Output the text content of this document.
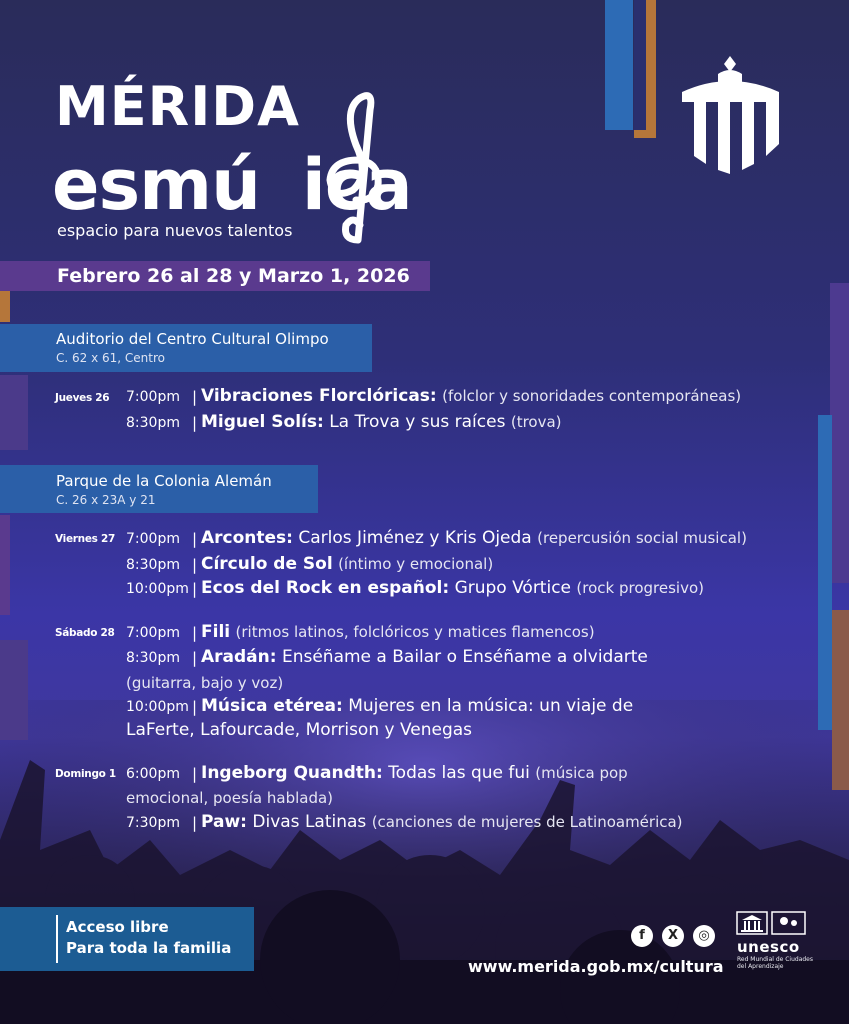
MÉRIDA
esmú ica
espacio para nuevos talentos
Febrero 26 al 28 y Marzo 1, 2026
Auditorio del Centro Cultural Olimpo
C. 62 x 61, Centro
Jueves 26 7:00pm | Vibraciones Florclóricas: (folclor y sonoridades contemporáneas)
8:30pm | Miguel Solís: La Trova y sus raíces (trova)
Parque de la Colonia Alemán
C. 26 x 23A y 21
Viernes 27 7:00pm | Arcontes: Carlos Jiménez y Kris Ojeda (repercusión social musical)
8:30pm | Círculo de Sol (íntimo y emocional)
10:00pm | Ecos del Rock en español: Grupo Vórtice (rock progresivo)
Sábado 28 7:00pm | Fili (ritmos latinos, folclóricos y matices flamencos)
8:30pm | Aradán: Enséñame a Bailar o Enséñame a olvidarte
(guitarra, bajo y voz)
10:00pm | Música etérea: Mujeres en la música: un viaje de
LaFerte, Lafourcade, Morrison y Venegas
Domingo 1 6:00pm | Ingeborg Quandth: Todas las que fui (música pop
emocional, poesía hablada)
7:30pm | Paw: Divas Latinas (canciones de mujeres de Latinoamérica)
Acceso libre
Para toda la familia
f	X	◎
www.merida.gob.mx/cultura
unesco
Red Mundial de Ciudades del Aprendizaje
